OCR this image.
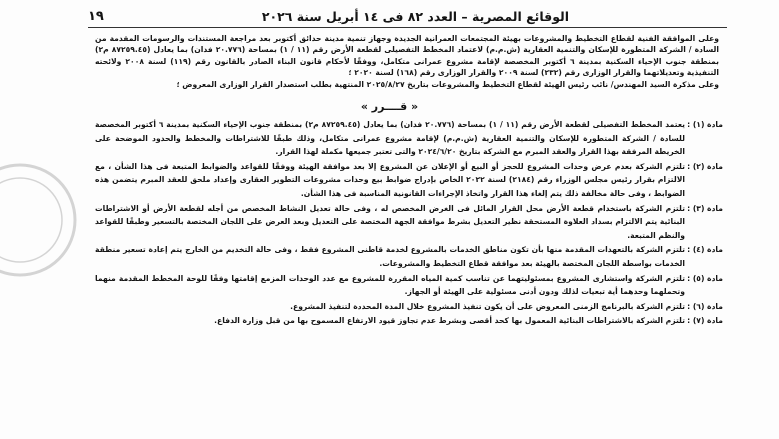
الوقائع المصرية – العدد ٨٢ فى ١٤ أبريل سنة ٢٠٢٦
١٩

وعلى الموافقة الفنية لقطاع التخطيط والمشروعات بهيئة المجتمعات العمرانية الجديدة وجهاز تنمية مدينة حدائق أكتوبر بعد مراجعة المستندات والرسومات المقدمة من السادة / الشركة المتطورة للإسكان والتنمية العقارية (ش.م.م) لاعتماد المخطط التفصيلى لقطعة الأرض رقم (١١ / ١) بمساحة (٢٠.٧٧٦ فدان) بما يعادل (٨٧٢٥٩.٤٥ م٢) بمنطقة جنوب الإحياء السكنية بمدينة ٦ أكتوبر المخصصة لإقامة مشروع عمرانى متكامل، ووفقًا لأحكام قانون البناء الصادر بالقانون رقم (١١٩) لسنة ٢٠٠٨ ولائحته التنفيذية وتعديلاتهما والقرار الوزارى رقم (٢٣٢) لسنة ٢٠٠٩ والقرار الوزارى رقم (١٦٨) لسنة ٢٠٢٠ ؛

وعلى مذكرة السيد المهندس/ نائب رئيس الهيئة لقطاع التخطيط والمشروعات بتاريخ ٢٠٢٥/٨/٢٧ المنتهية بطلب استصدار القرار الوزارى المعروض ؛

« قــــرر »
مادة (١) :
يعتمد المخطط التفصيلى لقطعة الأرض رقم (١١ / ١) بمساحة (٢٠.٧٧٦ فدان) بما يعادل (٨٧٢٥٩.٤٥ م٢) بمنطقة جنوب الإحياء السكنية بمدينة ٦ أكتوبر المخصصة للسادة / الشركة المتطورة للإسكان والتنمية العقارية (ش.م.م) لإقامة مشروع عمرانى متكامل، وذلك طبقًا للاشتراطات والمخطط والحدود الموضحة على الخريطة المرفقة بهذا القرار والعقد المبرم مع الشركة بتاريخ ٢٠٢٤/٦/٢٠ والتى تعتبر جميعها مكملة لهذا القرار.
مادة (٢) :
تلتزم الشركة بعدم عرض وحدات المشروع للحجز أو البيع أو الإعلان عن المشروع إلا بعد موافقة الهيئة ووفقًا للقواعد والضوابط المتبعة فى هذا الشأن ، مع الالتزام بقرار رئيس مجلس الوزراء رقم (٢١٨٤) لسنة ٢٠٢٢ الخاص بإدراج ضوابط بيع وحدات مشروعات التطوير العقارى وإعداد ملحق للعقد المبرم يتضمن هذه الضوابط ، وفى حالة مخالفة ذلك يتم إلغاء هذا القرار واتخاذ الإجراءات القانونية المناسبة فى هذا الشأن.
مادة (٣) :
تلتزم الشركة باستخدام قطعة الأرض محل القرار المائل فى الغرض المخصص له ، وفى حالة تعديل النشاط المخصص من أجله لقطعة الأرض أو الاشتراطات البنائية يتم الالتزام بسداد العلاوة المستحقة نظير التعديل بشرط موافقة الجهة المختصة على التعديل وبعد العرض على اللجان المختصة بالتسعير وطبقًا للقواعد والنظم المتبعة.
مادة (٤) :
تلتزم الشركة بالتعهدات المقدمة منها بأن تكون مناطق الخدمات بالمشروع لخدمة قاطنى المشروع فقط ، وفى حالة التخديم من الخارج يتم إعادة تسعير منطقة الخدمات بواسطة اللجان المختصة بالهيئة بعد موافقة قطاع التخطيط والمشروعات.
مادة (٥) :
تلتزم الشركة واستشارى المشروع بمسئوليتهما عن تناسب كمية المياه المقررة للمشروع مع عدد الوحدات المزمع إقامتها وفقًا للوحة المخطط المقدمة منهما وتحملهما وحدهما أية تبعيات لذلك ودون أدنى مسئولية على الهيئة أو الجهاز.
مادة (٦) :
تلتزم الشركة بالبرنامج الزمنى المعروض على أن يكون تنفيذ المشروع خلال المدة المحددة لتنفيذ المشروع.
مادة (٧) :
تلتزم الشركة بالاشتراطات البنائية المعمول بها كحد أقصى وبشرط عدم تجاوز قيود الارتفاع المسموح بها من قبل وزارة الدفاع.
